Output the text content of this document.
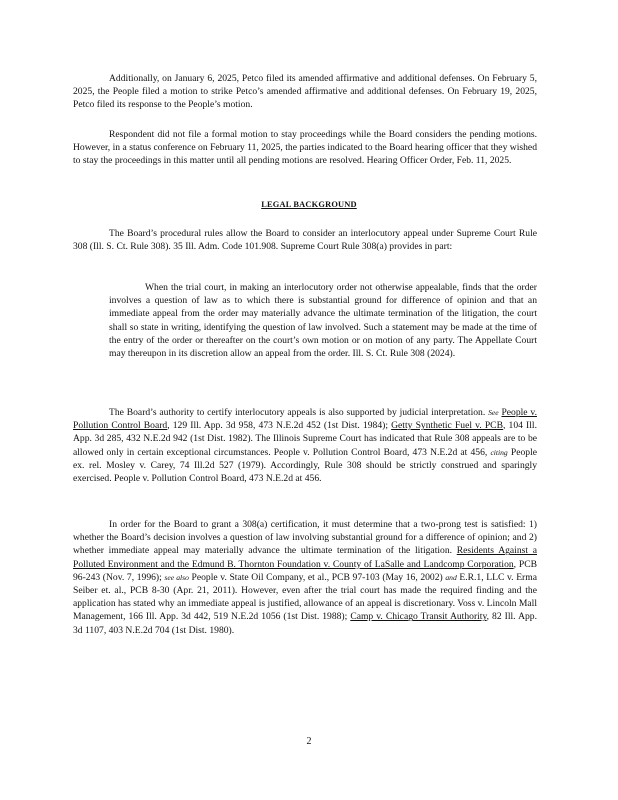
Additionally, on January 6, 2025, Petco filed its amended affirmative and additional defenses. On February 5, 2025, the People filed a motion to strike Petco’s amended affirmative and additional defenses. On February 19, 2025, Petco filed its response to the People’s motion.

Respondent did not file a formal motion to stay proceedings while the Board considers the pending motions. However, in a status conference on February 11, 2025, the parties indicated to the Board hearing officer that they wished to stay the proceedings in this matter until all pending motions are resolved. Hearing Officer Order, Feb. 11, 2025.

LEGAL BACKGROUND

The Board’s procedural rules allow the Board to consider an interlocutory appeal under Supreme Court Rule 308 (Ill. S. Ct. Rule 308). 35 Ill. Adm. Code 101.908. Supreme Court Rule 308(a) provides in part:

When the trial court, in making an interlocutory order not otherwise appealable, finds that the order involves a question of law as to which there is substantial ground for difference of opinion and that an immediate appeal from the order may materially advance the ultimate termination of the litigation, the court shall so state in writing, identifying the question of law involved. Such a statement may be made at the time of the entry of the order or thereafter on the court’s own motion or on motion of any party. The Appellate Court may thereupon in its discretion allow an appeal from the order. Ill. S. Ct. Rule 308 (2024).

The Board’s authority to certify interlocutory appeals is also supported by judicial interpretation. See People v. Pollution Control Board, 129 Ill. App. 3d 958, 473 N.E.2d 452 (1st Dist. 1984); Getty Synthetic Fuel v. PCB, 104 Ill. App. 3d 285, 432 N.E.2d 942 (1st Dist. 1982). The Illinois Supreme Court has indicated that Rule 308 appeals are to be allowed only in certain exceptional circumstances. People v. Pollution Control Board, 473 N.E.2d at 456, citing People ex. rel. Mosley v. Carey, 74 Ill.2d 527 (1979). Accordingly, Rule 308 should be strictly construed and sparingly exercised. People v. Pollution Control Board, 473 N.E.2d at 456.

In order for the Board to grant a 308(a) certification, it must determine that a two-prong test is satisfied: 1) whether the Board’s decision involves a question of law involving substantial ground for a difference of opinion; and 2) whether immediate appeal may materially advance the ultimate termination of the litigation. Residents Against a Polluted Environment and the Edmund B. Thornton Foundation v. County of LaSalle and Landcomp Corporation, PCB 96-243 (Nov. 7, 1996); see also People v. State Oil Company, et al., PCB 97-103 (May 16, 2002) and E.R.1, LLC v. Erma Seiber et. al., PCB 8-30 (Apr. 21, 2011). However, even after the trial court has made the required finding and the application has stated why an immediate appeal is justified, allowance of an appeal is discretionary. Voss v. Lincoln Mall Management, 166 Ill. App. 3d 442, 519 N.E.2d 1056 (1st Dist. 1988); Camp v. Chicago Transit Authority, 82 Ill. App. 3d 1107, 403 N.E.2d 704 (1st Dist. 1980).

2
